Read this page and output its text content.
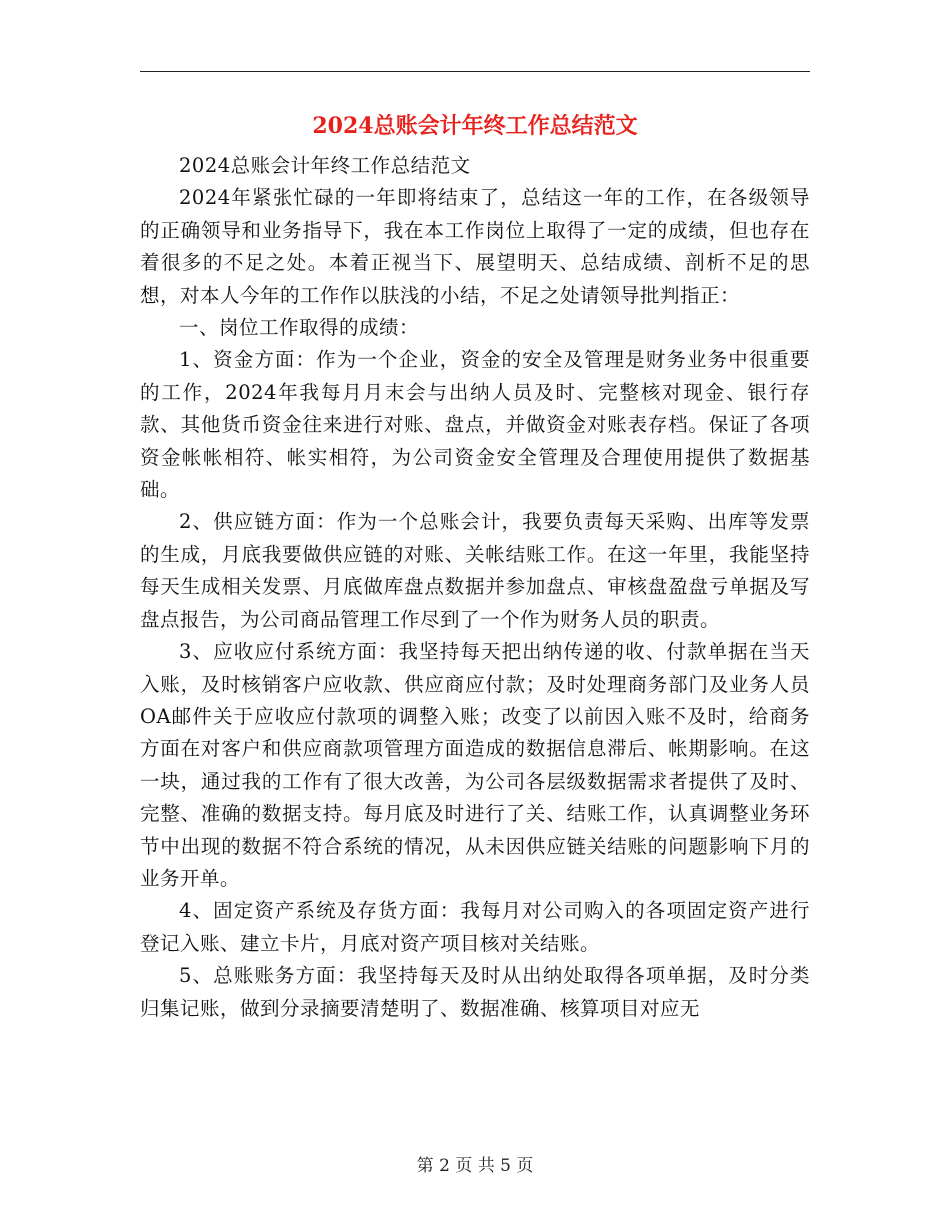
2024总账会计年终工作总结范文

2024总账会计年终工作总结范文

2024年紧张忙碌的一年即将结束了，总结这一年的工作，在各级领导的正确领导和业务指导下，我在本工作岗位上取得了一定的成绩，但也存在着很多的不足之处。本着正视当下、展望明天、总结成绩、剖析不足的思想，对本人今年的工作作以肤浅的小结，不足之处请领导批判指正：

一、岗位工作取得的成绩：

1、资金方面：作为一个企业，资金的安全及管理是财务业务中很重要的工作，2024年我每月月末会与出纳人员及时、完整核对现金、银行存款、其他货币资金往来进行对账、盘点，并做资金对账表存档。保证了各项资金帐帐相符、帐实相符，为公司资金安全管理及合理使用提供了数据基础。

2、供应链方面：作为一个总账会计，我要负责每天采购、出库等发票的生成，月底我要做供应链的对账、关帐结账工作。在这一年里，我能坚持每天生成相关发票、月底做库盘点数据并参加盘点、审核盘盈盘亏单据及写盘点报告，为公司商品管理工作尽到了一个作为财务人员的职责。

3、应收应付系统方面：我坚持每天把出纳传递的收、付款单据在当天入账，及时核销客户应收款、供应商应付款；及时处理商务部门及业务人员OA邮件关于应收应付款项的调整入账；改变了以前因入账不及时，给商务方面在对客户和供应商款项管理方面造成的数据信息滞后、帐期影响。在这一块，通过我的工作有了很大改善，为公司各层级数据需求者提供了及时、完整、准确的数据支持。每月底及时进行了关、结账工作，认真调整业务环节中出现的数据不符合系统的情况，从未因供应链关结账的问题影响下月的业务开单。

4、固定资产系统及存货方面：我每月对公司购入的各项固定资产进行登记入账、建立卡片，月底对资产项目核对关结账。

5、总账账务方面：我坚持每天及时从出纳处取得各项单据，及时分类归集记账，做到分录摘要清楚明了、数据准确、核算项目对应无

第 2 页 共 5 页
